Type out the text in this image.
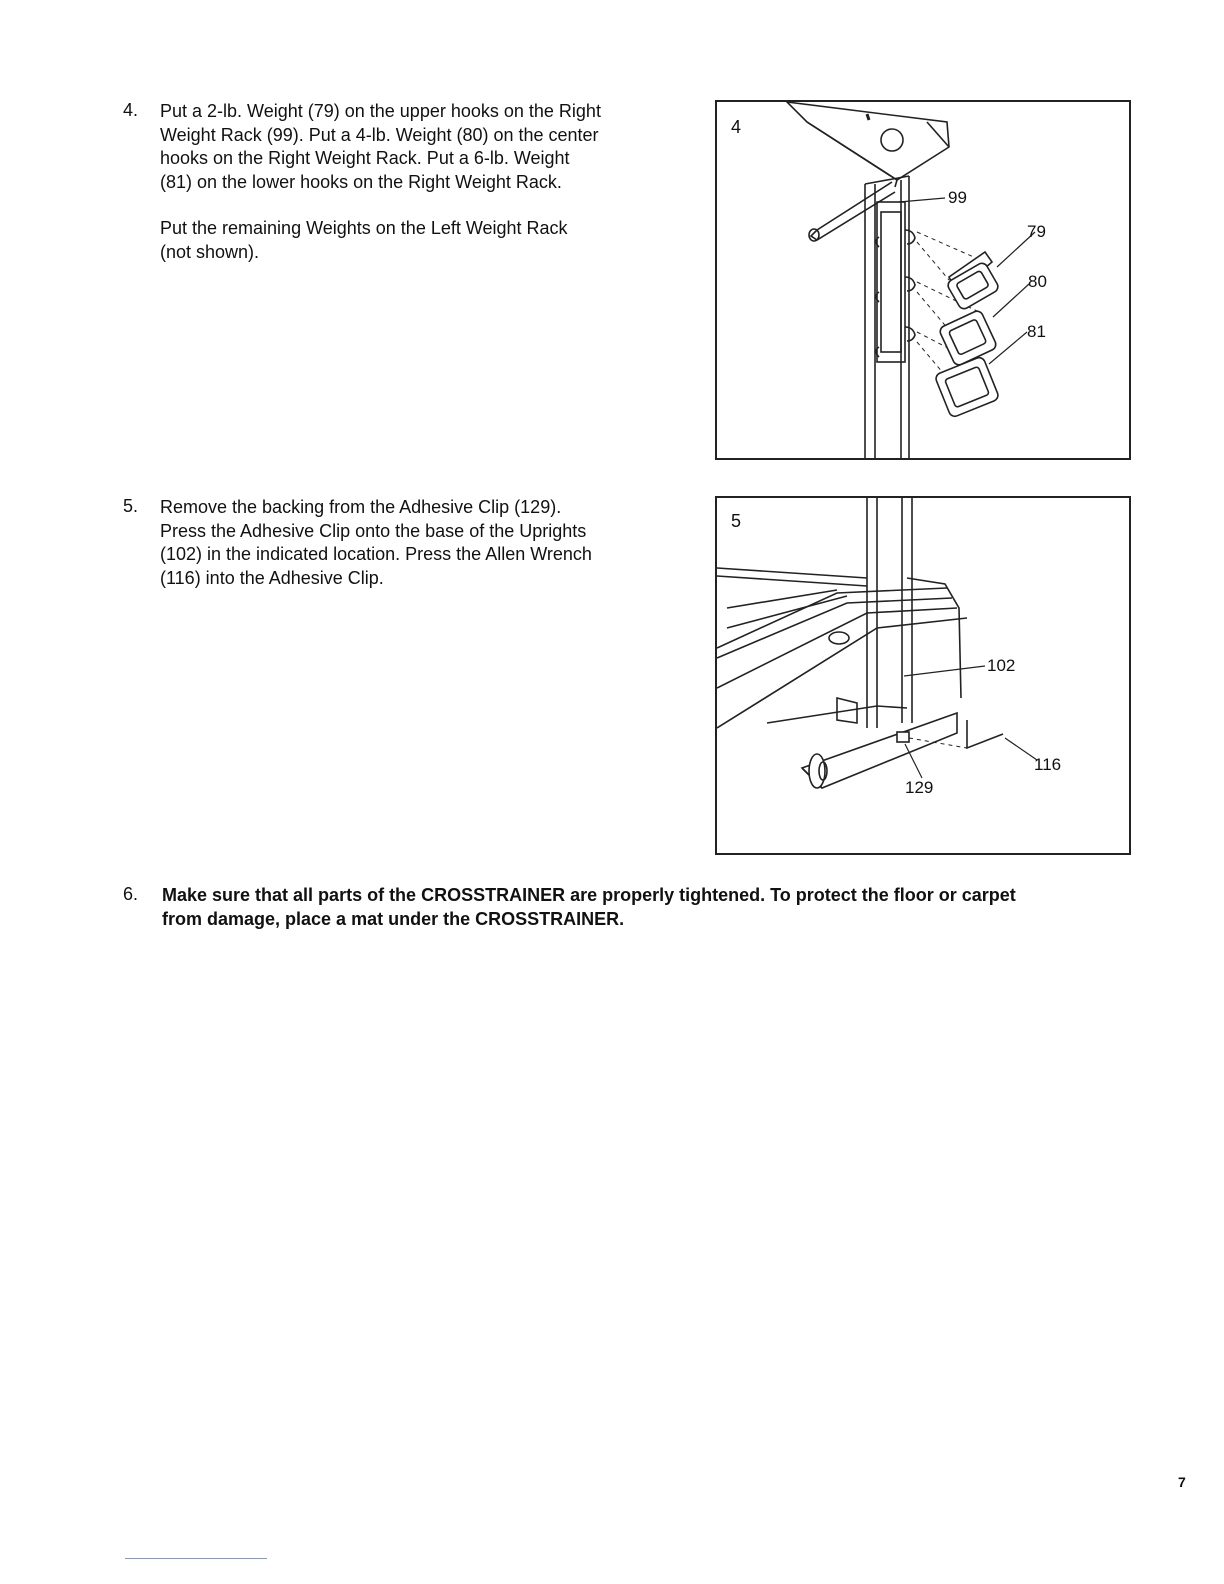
4. Put a 2-lb. Weight (79) on the upper hooks on the Right
Weight Rack (99). Put a 4-lb. Weight (80) on the center
hooks on the Right Weight Rack. Put a 6-lb. Weight
(81) on the lower hooks on the Right Weight Rack.

Put the remaining Weights on the Left Weight Rack
(not shown).

4
99
79
80
81
5. Remove the backing from the Adhesive Clip (129).
Press the Adhesive Clip onto the base of the Uprights
(102) in the indicated location. Press the Allen Wrench
(116) into the Adhesive Clip.

5
102
116
129
6. Make sure that all parts of the CROSSTRAINER are properly tightened. To protect the floor or carpet
from damage, place a mat under the CROSSTRAINER.

7
